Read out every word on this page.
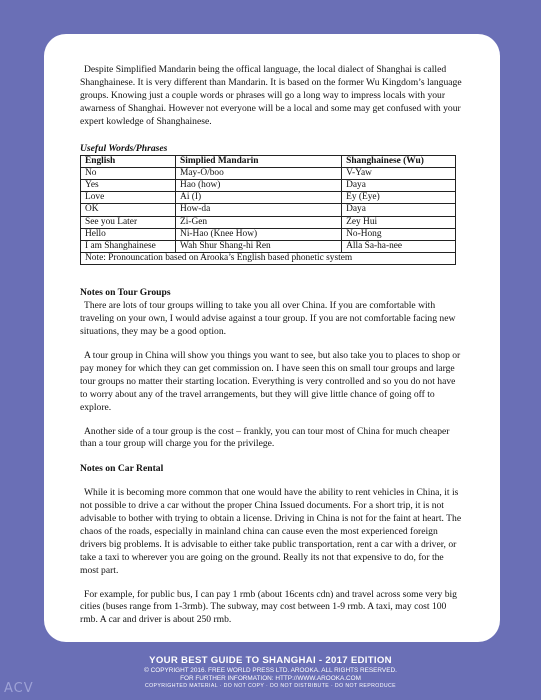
Despite Simplified Mandarin being the offical language, the local dialect of Shanghai is called Shanghainese. It is very different than Mandarin. It is based on the former Wu Kingdom’s language groups. Knowing just a couple words or phrases will go a long way to impress locals with your awarness of Shanghai. However not everyone will be a local and some may get confused with your expert kowledge of Shanghainese.

Useful Words/Phrases
English	Simplied Mandarin	Shanghainese (Wu)
No	May-O/boo	V-Yaw
Yes	Hao (how)	Daya
Love	Ai (I)	Ey (Eye)
OK	How-da	Daya
See you Later	Zi-Gen	Zey Hui
Hello	Ni-Hao (Knee How)	No-Hong
I am Shanghainese	Wah Shur Shang-hi Ren	Alla Sa-ha-nee
Note: Pronouncation based on Arooka’s English based phonetic system		

Notes on Tour Groups

There are lots of tour groups willing to take you all over China. If you are comfortable with traveling on your own, I would advise against a tour group. If you are not comfortable facing new situations, they may be a good option.

A tour group in China will show you things you want to see, but also take you to places to shop or pay money for which they can get commission on. I have seen this on small tour groups and large tour groups no matter their starting location. Everything is very controlled and so you do not have to worry about any of the travel arrangements, but they will give little chance of going off to explore.

Another side of a tour group is the cost – frankly, you can tour most of China for much cheaper than a tour group will charge you for the privilege.

Notes on Car Rental

While it is becoming more common that one would have the ability to rent vehicles in China, it is not possible to drive a car without the proper China Issued documents. For a short trip, it is not advisable to bother with trying to obtain a license. Driving in China is not for the faint at heart. The chaos of the roads, especially in mainland china can cause even the most experienced foreign drivers big problems. It is advisable to either take public transportation, rent a car with a driver, or take a taxi to wherever you are going on the ground. Really its not that expensive to do, for the most part.

For example, for public bus, I can pay 1 rmb (about 16cents cdn) and travel across some very big cities (buses range from 1-3rmb). The subway, may cost between 1-9 rmb. A taxi, may cost 100 rmb. A car and driver is about 250 rmb.

YOUR BEST GUIDE TO SHANGHAI - 2017 EDITION
© COPYRIGHT 2016. FREE WORLD PRESS LTD. AROOKA. ALL RIGHTS RESERVED.
FOR FURTHER INFORMATION: HTTP://WWW.AROOKA.COM
COPYRIGHTED MATERIAL · DO NOT COPY · DO NOT DISTRIBUTE · DO NOT REPRODUCE
ACV
